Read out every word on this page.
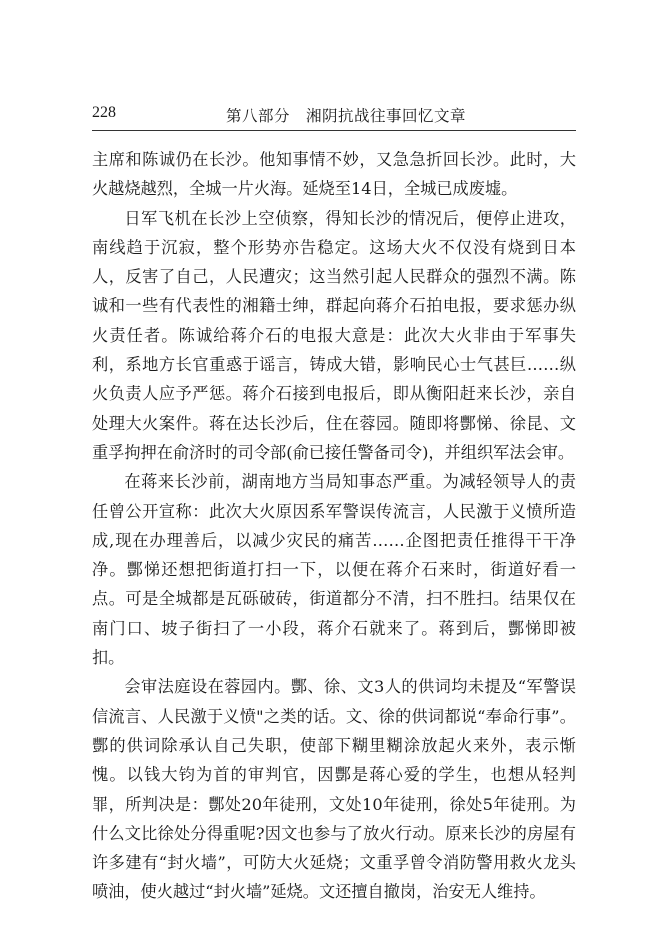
228	第八部分　湘阴抗战往事回忆文章

主席和陈诚仍在长沙。他知事情不妙，又急急折回长沙。此时，大火越烧越烈，全城一片火海。延烧至14日，全城已成废墟。

日军飞机在长沙上空侦察，得知长沙的情况后，便停止进攻，南线趋于沉寂，整个形势亦告稳定。这场大火不仅没有烧到日本人，反害了自己，人民遭灾；这当然引起人民群众的强烈不满。陈诚和一些有代表性的湘籍士绅，群起向蒋介石拍电报，要求惩办纵火责任者。陈诚给蒋介石的电报大意是：此次大火非由于军事失利，系地方长官重惑于谣言，铸成大错，影响民心士气甚巨……纵火负责人应予严惩。蒋介石接到电报后，即从衡阳赶来长沙，亲自处理大火案件。蒋在达长沙后，住在蓉园。随即将酆悌、徐昆、文重孚拘押在俞济时的司令部(俞已接任警备司令)，并组织军法会审。

在蒋来长沙前，湖南地方当局知事态严重。为减轻领导人的责任曾公开宣称：此次大火原因系军警误传流言，人民激于义愤所造成,现在办理善后，以减少灾民的痛苦……企图把责任推得干干净净。酆悌还想把街道打扫一下，以便在蒋介石来时，街道好看一点。可是全城都是瓦砾破砖，街道都分不清，扫不胜扫。结果仅在南门口、坡子街扫了一小段，蒋介石就来了。蒋到后，酆悌即被扣。

会审法庭设在蓉园内。酆、徐、文3人的供词均未提及“军警误信流言、人民激于义愤"之类的话。文、徐的供词都说“奉命行事”。酆的供词除承认自己失职，使部下糊里糊涂放起火来外，表示惭愧。以钱大钧为首的审判官，因酆是蒋心爱的学生，也想从轻判罪，所判决是：酆处20年徒刑，文处10年徒刑，徐处5年徒刑。为什么文比徐处分得重呢?因文也参与了放火行动。原来长沙的房屋有许多建有“封火墙”，可防大火延烧；文重孚曾令消防警用救火龙头喷油，使火越过“封火墙”延烧。文还擅自撤岗，治安无人维持。
